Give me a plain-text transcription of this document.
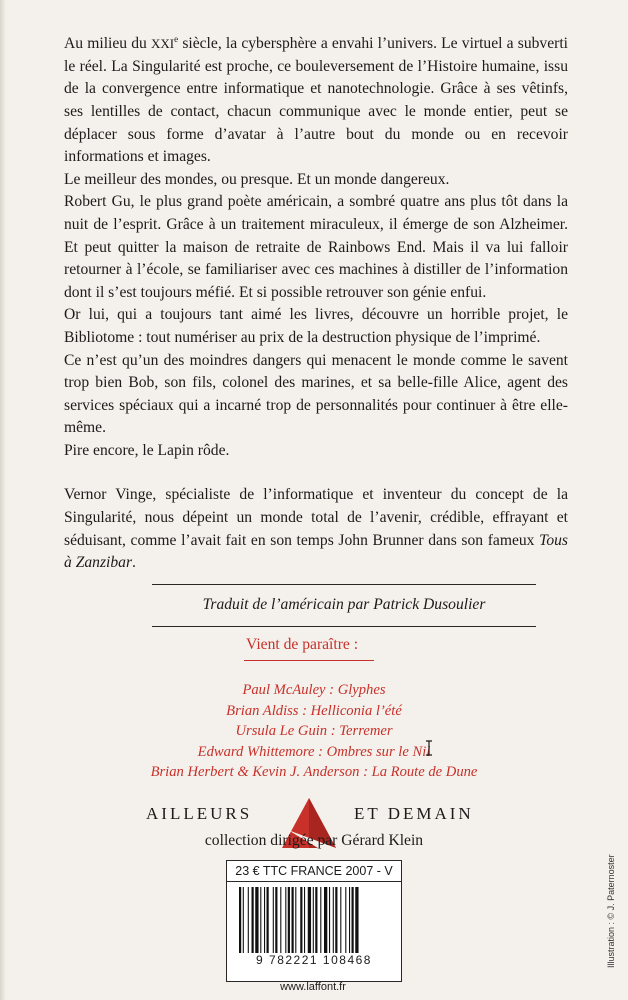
Au milieu du XXIe siècle, la cybersphère a envahi l’univers. Le virtuel a subverti le réel. La Singularité est proche, ce bouleversement de l’Histoire humaine, issu de la convergence entre informatique et nanotechnologie. Grâce à ses vêtinfs, ses lentilles de contact, chacun communique avec le monde entier, peut se déplacer sous forme d’avatar à l’autre bout du monde ou en recevoir informations et images.

Le meilleur des mondes, ou presque. Et un monde dangereux.

Robert Gu, le plus grand poète américain, a sombré quatre ans plus tôt dans la nuit de l’esprit. Grâce à un traitement miraculeux, il émerge de son Alzheimer. Et peut quitter la maison de retraite de Rainbows End. Mais il va lui falloir retourner à l’école, se familiariser avec ces machines à distiller de l’information dont il s’est toujours méfié. Et si possible retrouver son génie enfui.

Or lui, qui a toujours tant aimé les livres, découvre un horrible projet, le Bibliotome : tout numériser au prix de la destruction physique de l’imprimé.

Ce n’est qu’un des moindres dangers qui menacent le monde comme le savent trop bien Bob, son fils, colonel des marines, et sa belle-fille Alice, agent des services spéciaux qui a incarné trop de personnalités pour continuer à être elle-même.

Pire encore, le Lapin rôde.

Vernor Vinge, spécialiste de l’informatique et inventeur du concept de la Singularité, nous dépeint un monde total de l’avenir, crédible, effrayant et séduisant, comme l’avait fait en son temps John Brunner dans son fameux Tous à Zanzibar.

Traduit de l’américain par Patrick Dusoulier
Vient de paraître :
Paul McAuley : Glyphes
Brian Aldiss : Helliconia l’été
Ursula Le Guin : Terremer
Edward Whittemore : Ombres sur le Nil
Brian Herbert & Kevin J. Anderson : La Route de Dune
AILLEURS	ET DEMAIN
collection dirigée par Gérard Klein
23 € TTC FRANCE 2007 - V
9 782221 108468
www.laffont.fr
Illustration : © J. Paternoster
